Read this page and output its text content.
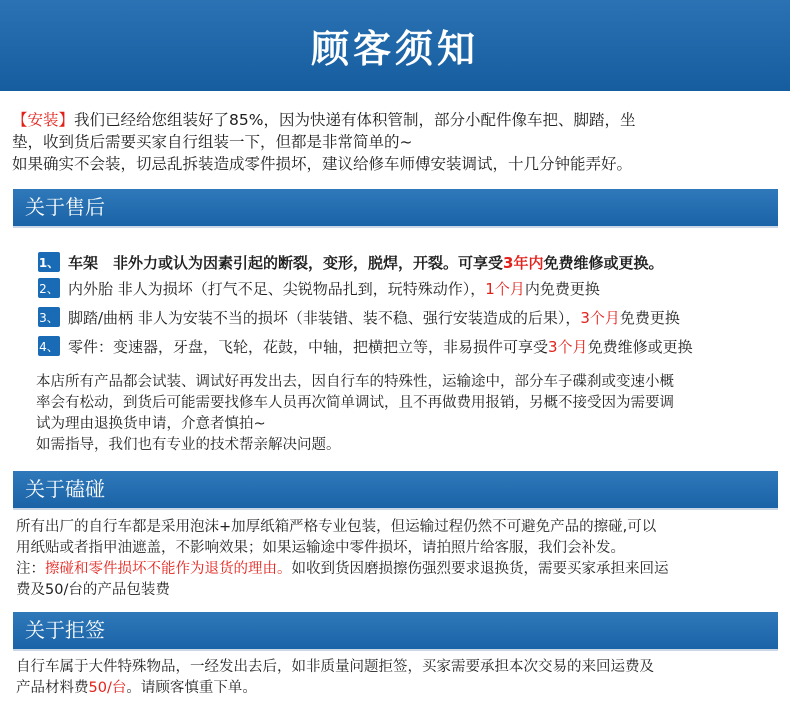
顾客须知

【安装】我们已经给您组装好了85%，因为快递有体积管制，部分小配件像车把、脚踏，坐

垫，收到货后需要买家自行组装一下，但都是非常简单的~

如果确实不会装，切忌乱拆装造成零件损坏，建议给修车师傅安装调试，十几分钟能弄好。

关于售后
1、 车架　非外力或认为因素引起的断裂，变形，脱焊，开裂。可享受3年内免费维修或更换。
2、 内外胎 非人为损坏（打气不足、尖锐物品扎到，玩特殊动作），1个月内免费更换
3、 脚踏/曲柄 非人为安装不当的损坏（非装错、装不稳、强行安装造成的后果），3个月免费更换
4、 零件：变速器，牙盘，飞轮，花鼓，中轴，把横把立等，非易损件可享受3个月免费维修或更换

本店所有产品都会试装、调试好再发出去，因自行车的特殊性，运输途中，部分车子碟刹或变速小概

率会有松动，到货后可能需要找修车人员再次简单调试，且不再做费用报销，另概不接受因为需要调

试为理由退换货申请，介意者慎拍~

如需指导，我们也有专业的技术帮亲解决问题。

关于磕碰

所有出厂的自行车都是采用泡沫+加厚纸箱严格专业包装，但运输过程仍然不可避免产品的擦碰,可以

用纸贴或者指甲油遮盖，不影响效果；如果运输途中零件损坏，请拍照片给客服，我们会补发。

注：擦碰和零件损坏不能作为退货的理由。如收到货因磨损擦伤强烈要求退换货，需要买家承担来回运

费及50/台的产品包装费

关于拒签

自行车属于大件特殊物品，一经发出去后，如非质量问题拒签，买家需要承担本次交易的来回运费及

产品材料费50/台。请顾客慎重下单。
